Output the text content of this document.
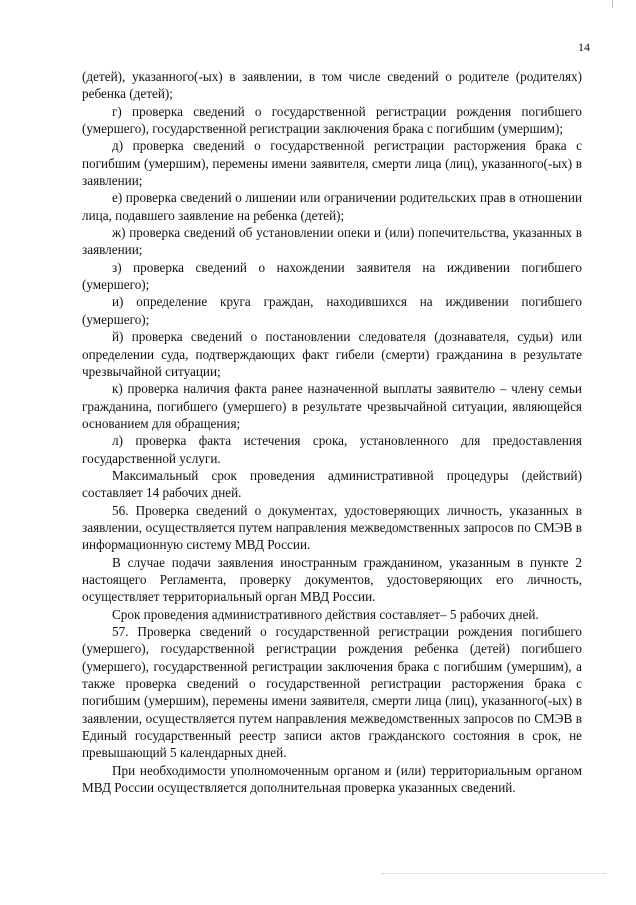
14

(детей), указанного(-ых) в заявлении, в том числе сведений о родителе (родителях) ребенка (детей);

г) проверка сведений о государственной регистрации рождения погибшего (умершего), государственной регистрации заключения брака с погибшим (умершим);

д) проверка сведений о государственной регистрации расторжения брака с погибшим (умершим), перемены имени заявителя, смерти лица (лиц), указанного(-ых) в заявлении;

е) проверка сведений о лишении или ограничении родительских прав в отношении лица, подавшего заявление на ребенка (детей);

ж) проверка сведений об установлении опеки и (или) попечительства, указанных в заявлении;

з) проверка сведений о нахождении заявителя на иждивении погибшего (умершего);

и) определение круга граждан, находившихся на иждивении погибшего (умершего);

й) проверка сведений о постановлении следователя (дознавателя, судьи) или определении суда, подтверждающих факт гибели (смерти) гражданина в результате чрезвычайной ситуации;

к) проверка наличия факта ранее назначенной выплаты заявителю – члену семьи гражданина, погибшего (умершего) в результате чрезвычайной ситуации, являющейся основанием для обращения;

л) проверка факта истечения срока, установленного для предоставления государственной услуги.

Максимальный срок проведения административной процедуры (действий) составляет 14 рабочих дней.

56. Проверка сведений о документах, удостоверяющих личность, указанных в заявлении, осуществляется путем направления межведомственных запросов по СМЭВ в информационную систему МВД России.

В случае подачи заявления иностранным гражданином, указанным в пункте 2 настоящего Регламента, проверку документов, удостоверяющих его личность, осуществляет территориальный орган МВД России.

Срок проведения административного действия составляет– 5 рабочих дней.

57. Проверка сведений о государственной регистрации рождения погибшего (умершего), государственной регистрации рождения ребенка (детей) погибшего (умершего), государственной регистрации заключения брака с погибшим (умершим), а также проверка сведений о государственной регистрации расторжения брака с погибшим (умершим), перемены имени заявителя, смерти лица (лиц), указанного(-ых) в заявлении, осуществляется путем направления межведомственных запросов по СМЭВ в Единый государственный реестр записи актов гражданского состояния в срок, не превышающий 5 календарных дней.

При необходимости уполномоченным органом и (или) территориальным органом МВД России осуществляется дополнительная проверка указанных сведений.
